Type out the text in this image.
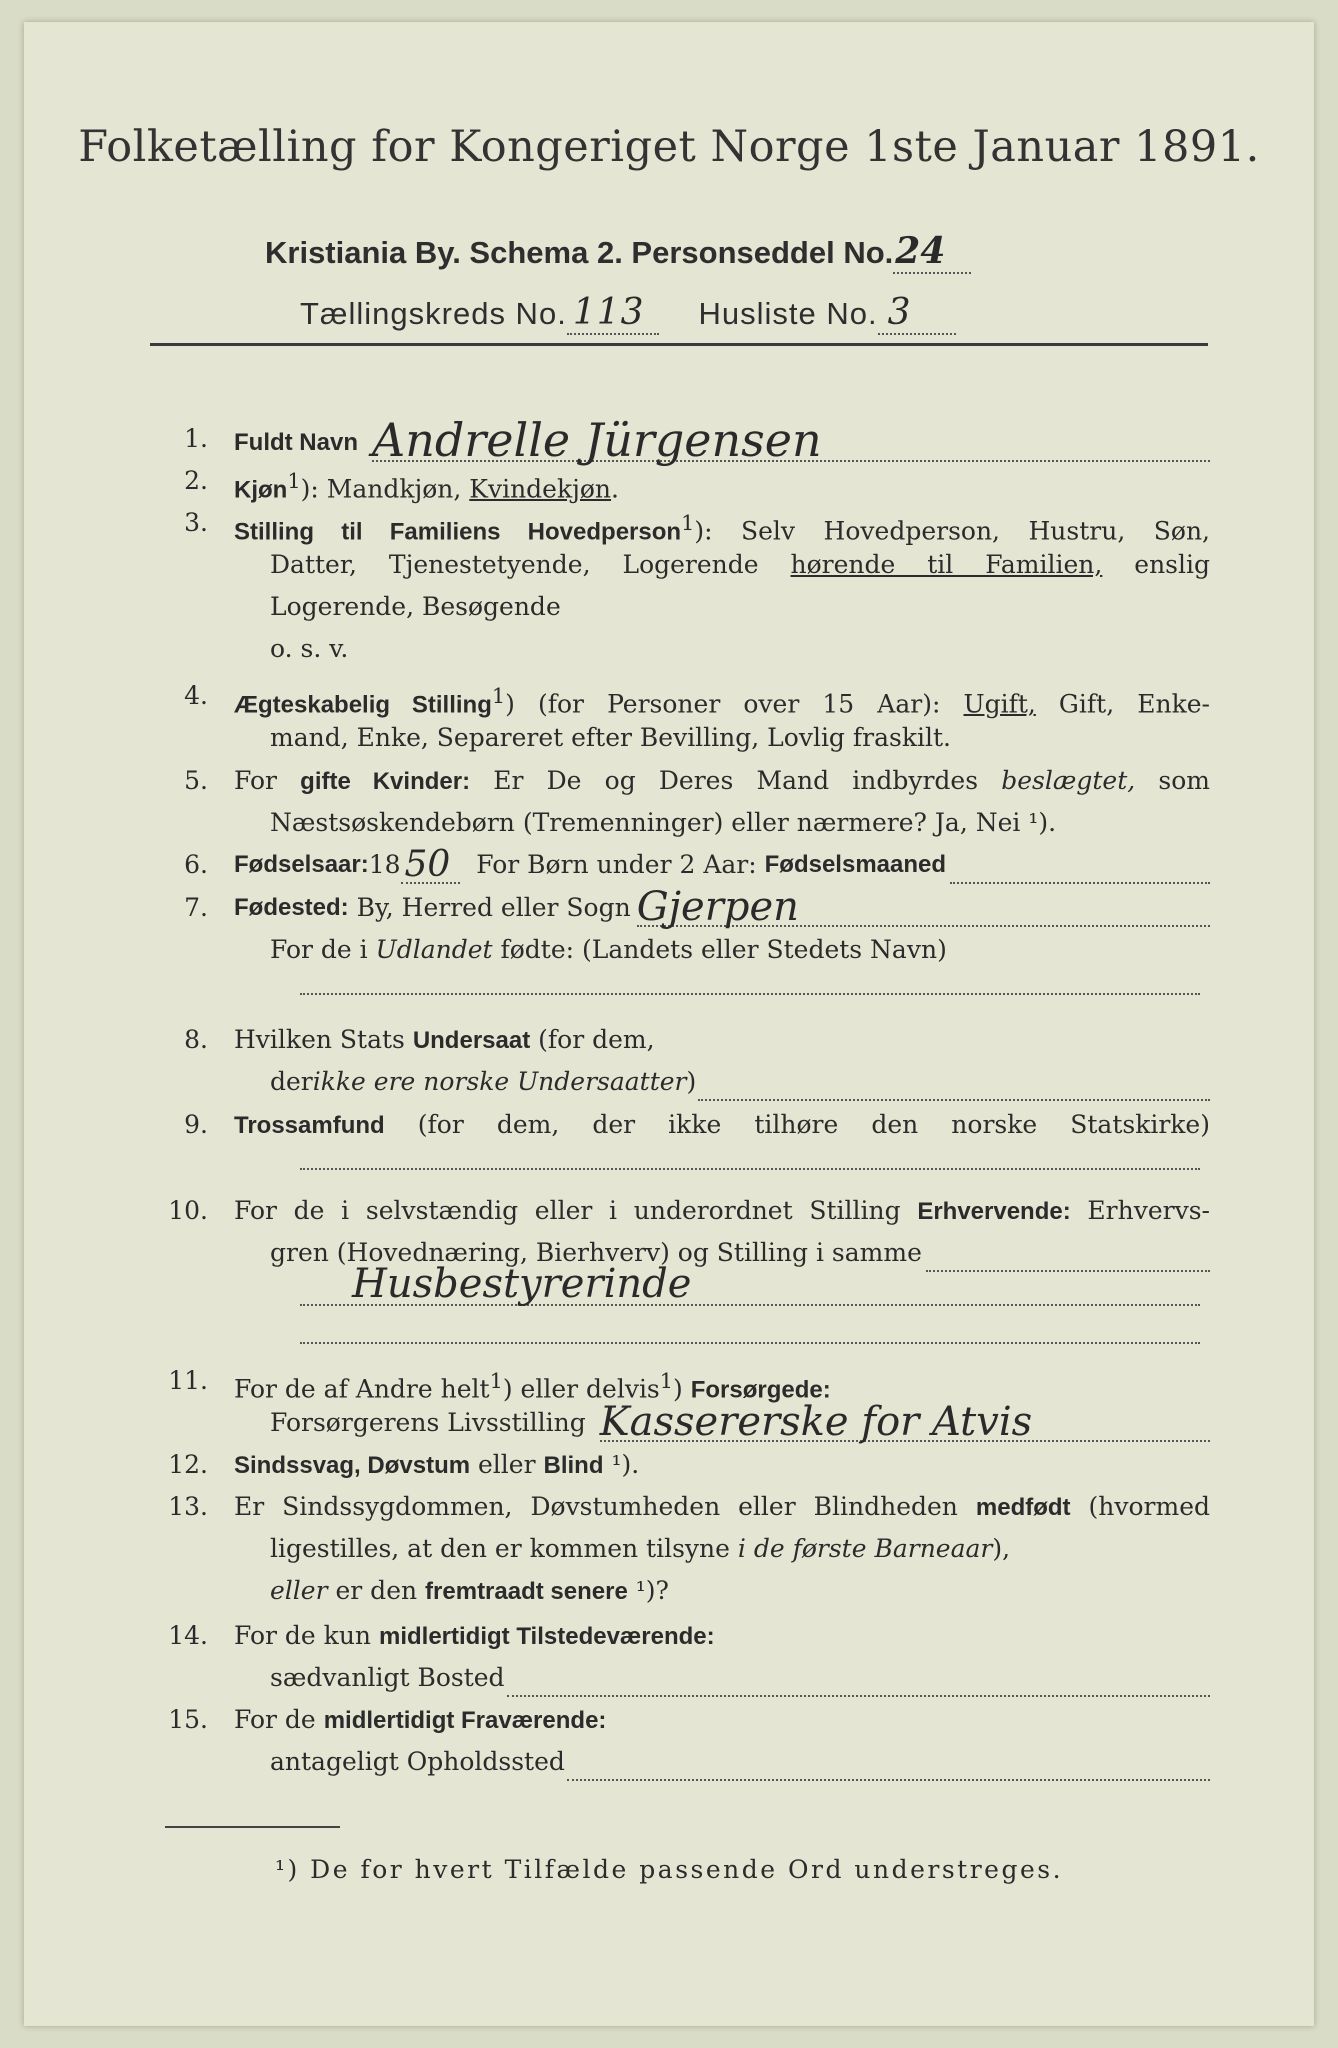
Folketælling for Kongeriget Norge 1ste Januar 1891.
Kristiania By. Schema 2. Personseddel No.24
Tællingskreds No. 113 Husliste No. 3
1. Fuldt Navn Andrelle Jürgensen
2. Kjøn$^1$): Mandkjøn, Kvindekjøn.
3. Stilling til Familiens Hovedperson$^1$): Selv Hovedperson, Hustru, Søn,
Datter, Tjenestetyende, Logerende hørende til Familien, enslig
Logerende, Besøgende
o. s. v.
4. Ægteskabelig Stilling$^1$) (for Personer over 15 Aar): Ugift, Gift, Enke-
mand, Enke, Separeret efter Bevilling, Lovlig fraskilt.
5. For gifte Kvinder: Er De og Deres Mand indbyrdes beslægtet, som
Næstsøskendebørn (Tremenninger) eller nærmere? Ja, Nei ¹).
6. Fødselsaar: 18 50 For Børn under 2 Aar: Fødselsmaaned
7. Fødested: By, Herred eller Sogn Gjerpen
For de i Udlandet fødte: (Landets eller Stedets Navn)
8. Hvilken Stats Undersaat (for dem,
der ikke ere norske Undersaatter )
9. Trossamfund (for dem, der ikke tilhøre den norske Statskirke)
10. For de i selvstændig eller i underordnet Stilling Erhvervende: Erhvervs-
gren (Hovednæring, Bierhverv) og Stilling i samme
Husbestyrerinde
11. For de af Andre helt$^1$) eller delvis$^1$) Forsørgede:
Forsørgerens Livsstilling Kassererske for Atvis
12. Sindssvag, Døvstum eller Blind ¹).
13. Er Sindssygdommen, Døvstumheden eller Blindheden medfødt (hvormed
ligestilles, at den er kommen tilsyne i de første Barneaar),
eller er den fremtraadt senere ¹)?
14. For de kun midlertidigt Tilstedeværende:
sædvanligt Bosted
15. For de midlertidigt Fraværende:
antageligt Opholdssted
¹) De for hvert Tilfælde passende Ord understreges.
